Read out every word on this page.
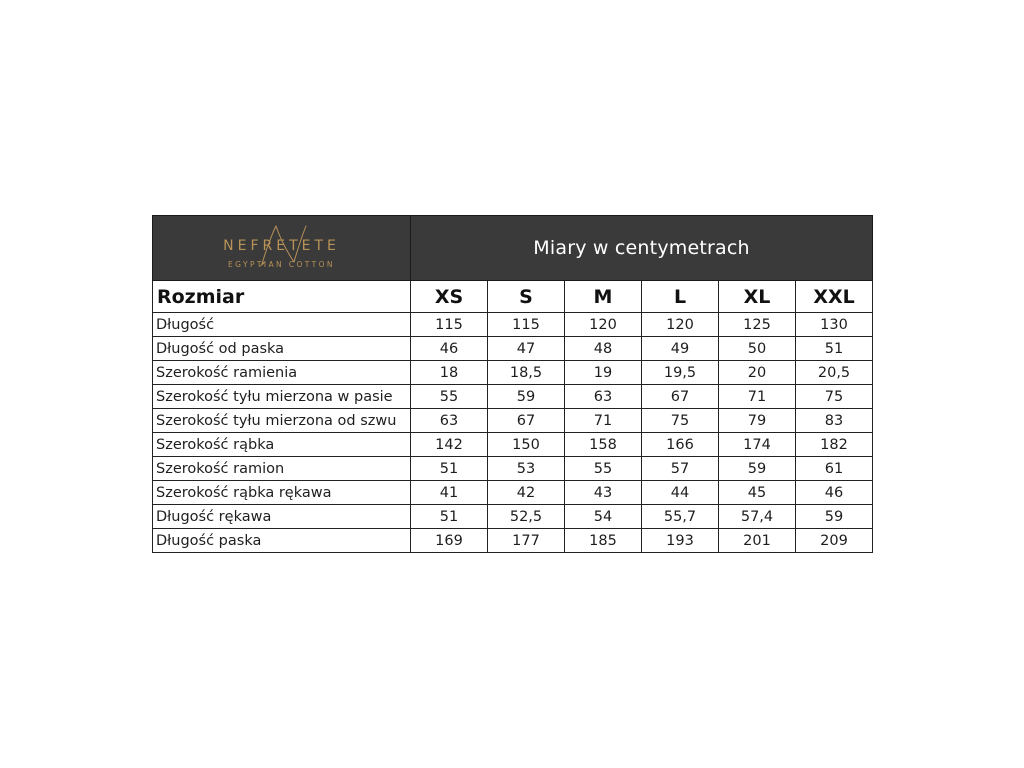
NEFRETETE
EGYPTIAN COTTON	Miary w centymetrach					
Rozmiar	XS	S	M	L	XL	XXL
Długość	115	115	120	120	125	130
Długość od paska	46	47	48	49	50	51
Szerokość ramienia	18	18,5	19	19,5	20	20,5
Szerokość tyłu mierzona w pasie	55	59	63	67	71	75
Szerokość tyłu mierzona od szwu	63	67	71	75	79	83
Szerokość rąbka	142	150	158	166	174	182
Szerokość ramion	51	53	55	57	59	61
Szerokość rąbka rękawa	41	42	43	44	45	46
Długość rękawa	51	52,5	54	55,7	57,4	59
Długość paska	169	177	185	193	201	209
